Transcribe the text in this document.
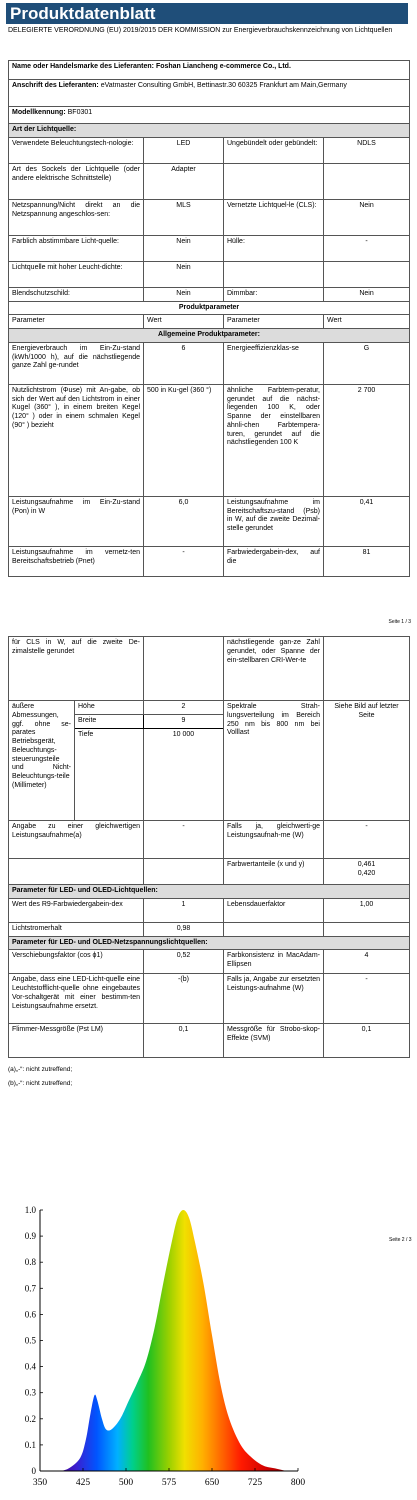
Produktdatenblatt
DELEGIERTE VERORDNUNG (EU) 2019/2015 DER KOMMISSION zur Energieverbrauchskennzeichnung von Lichtquellen
Name oder Handelsmarke des Lieferanten: Foshan Liancheng e-commerce Co., Ltd.			
Anschrift des Lieferanten: eVatmaster Consulting GmbH, Bettinastr.30 60325 Frankfurt am Main,Germany			
Modellkennung: BF0301			
Art der Lichtquelle:			
Verwendete Beleuchtungstech-nologie:	LED	Ungebündelt oder gebündelt:	NDLS
Art des Sockels der Lichtquelle (oder andere elektrische Schnittstelle)	Adapter		
Netzspannung/Nicht direkt an die Netzspannung angeschlos-sen:	MLS	Vernetzte Lichtquel-le (CLS):	Nein
Farblich abstimmbare Licht-quelle:	Nein	Hülle:	-
Lichtquelle mit hoher Leucht-dichte:	Nein		
Blendschutzschild:	Nein	Dimmbar:	Nein
Produktparameter			
Parameter	Wert	Parameter	Wert
Allgemeine Produktparameter:			
Energieverbrauch im Ein-Zu-stand (kWh/1000 h), auf die nächstliegende ganze Zahl ge-rundet	6	Energieeffizienzklas-se	G
Nutzlichtstrom (Φuse) mit An-gabe, ob sich der Wert auf den Lichtstrom in einer Kugel (360° ), in einem breiten Kegel (120° ) oder in einem schmalen Kegel (90° ) bezieht	500 in Ku-gel (360 °)	ähnliche Farbtem-peratur, gerundet auf die nächst-liegenden 100 K, oder Spanne der einstellbaren ähnli-chen Farbtempera-turen, gerundet auf die nächstliegenden 100 K	2 700
Leistungsaufnahme im Ein-Zu-stand (Pon) in W	6,0	Leistungsaufnahme im Bereitschaftszu-stand (Psb) in W, auf die zweite Dezimal-stelle gerundet	0,41
Leistungsaufnahme im vernetz-ten Bereitschaftsbetrieb (Pnet)	-	Farbwiedergabein-dex, auf die	81
Seite 1 / 3
für CLS in W, auf die zweite De-zimalstelle gerundet			nächstliegende gan-ze Zahl gerundet, oder Spanne der ein-stellbaren CRI-Wer-te	
äußere Abmessungen, ggf. ohne se-parates Betriebsgerät, Beleuchtungs-steuerungsteile und Nicht-Beleuchtungs-teile (Millimeter)	Höhe	2	Spektrale Strah-lungsverteilung im Bereich 250 nm bis 800 nm bei Volllast	Siehe Bild auf letzter Seite
	Breite	9		
	Tiefe	10 000		
Angabe zu einer gleichwertigen Leistungsaufnahme(a)		-	Falls ja, gleichwerti-ge Leistungsaufnah-me (W)	-
			Farbwertanteile (x und y)	0,461
0,420

Parameter für LED- und OLED-Lichtquellen:				
Wert des R9-Farbwiedergabein-dex		1	Lebensdauerfaktor	1,00
Lichtstromerhalt		0,98		
Parameter für LED- und OLED-Netzspannungslichtquellen:				
Verschiebungsfaktor (cos ϕ1)		0,52	Farbkonsistenz in MacAdam-Ellipsen	4
Angabe, dass eine LED-Licht-quelle eine Leuchtstofflicht-quelle ohne eingebautes Vor-schaltgerät mit einer bestimm-ten Leistungsaufnahme ersetzt.		-(b)	Falls ja, Angabe zur ersetzten Leistungs-aufnahme (W)	-
Flimmer-Messgröße (Pst LM)		0,1	Messgröße für Strobo-skop-Effekte (SVM)	0,1
(a)„-“: nicht zutreffend;
(b)„-“: nicht zutreffend;
0
0.1
0.2
0.3
0.4
0.5
0.6
0.7
0.8
0.9
1.0
350	425	500	575	650	725	800
Seite 2 / 3
